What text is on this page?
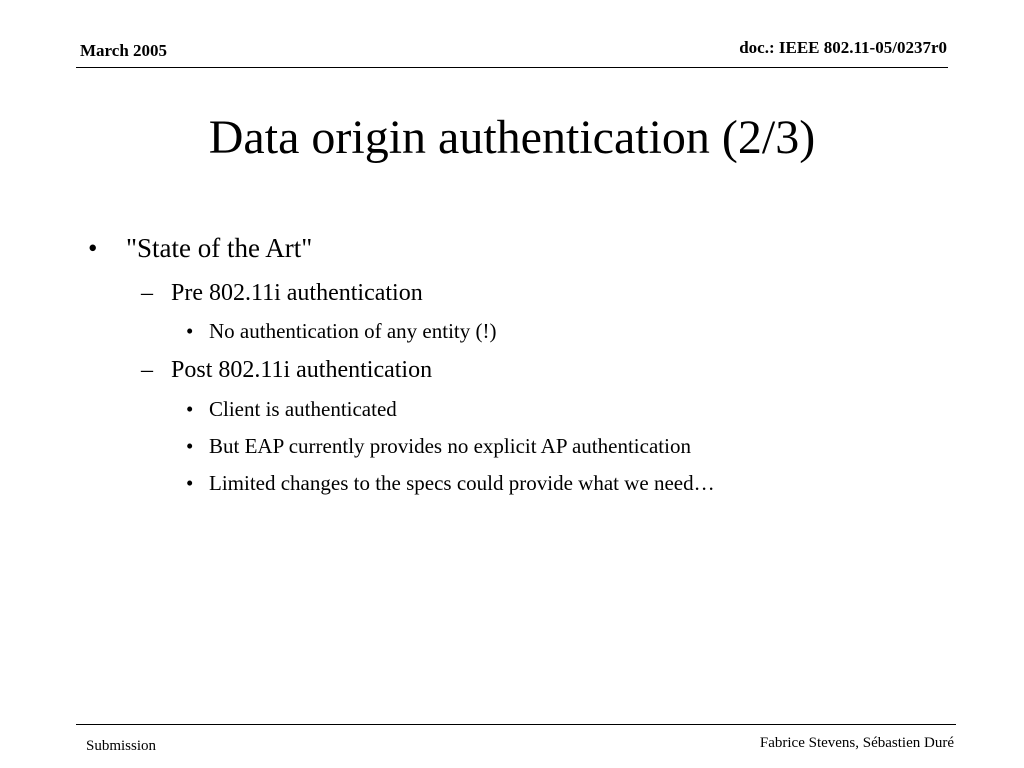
March 2005	doc.: IEEE 802.11-05/0237r0
Data origin authentication (2/3)
• "State of the Art"
– Pre 802.11i authentication
• No authentication of any entity (!)
– Post 802.11i authentication
• Client is authenticated
• But EAP currently provides no explicit AP authentication
• Limited changes to the specs could provide what we need…
Submission	Fabrice Stevens, Sébastien Duré
